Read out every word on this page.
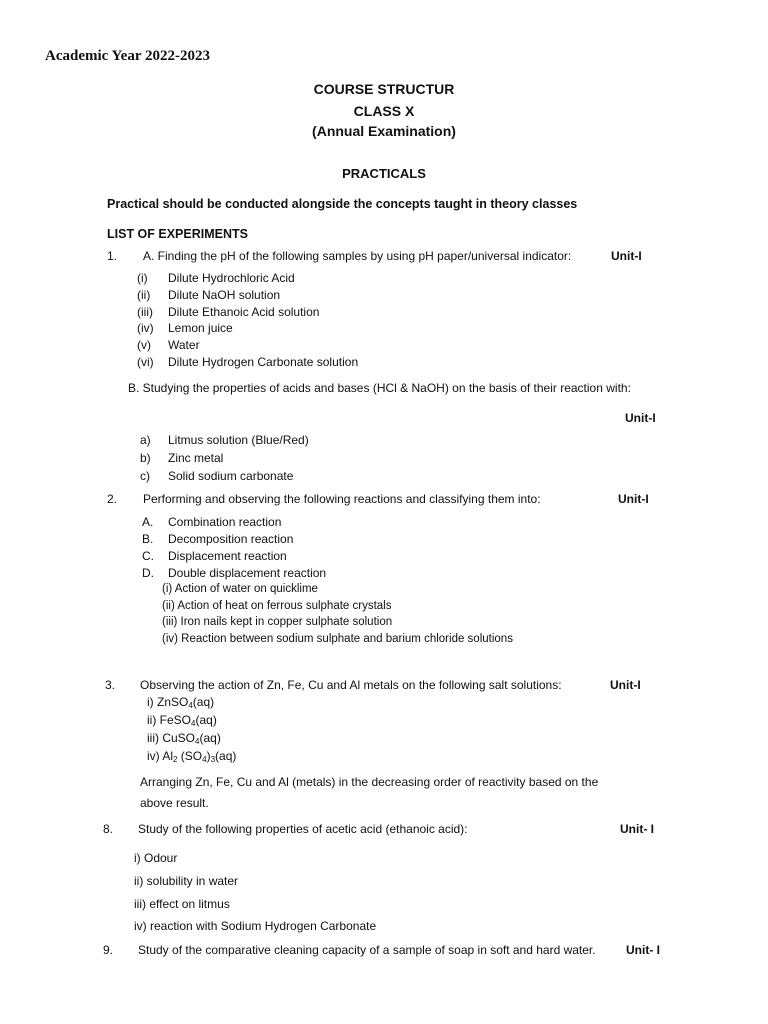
Academic Year 2022-2023
COURSE STRUCTUR
CLASS X
(Annual Examination)
PRACTICALS
Practical should be conducted alongside the concepts taught in theory classes
LIST OF EXPERIMENTS
1. A. Finding the pH of the following samples by using pH paper/universal indicator:	Unit-I
(i) Dilute Hydrochloric Acid
(ii) Dilute NaOH solution
(iii) Dilute Ethanoic Acid solution
(iv) Lemon juice
(v) Water
(vi) Dilute Hydrogen Carbonate solution
B. Studying the properties of acids and bases (HCl & NaOH) on the basis of their reaction with:
Unit-I
a) Litmus solution (Blue/Red)
b) Zinc metal
c) Solid sodium carbonate
2. Performing and observing the following reactions and classifying them into:	Unit-I
A. Combination reaction
B. Decomposition reaction
C. Displacement reaction
D. Double displacement reaction
(i) Action of water on quicklime
(ii) Action of heat on ferrous sulphate crystals
(iii) Iron nails kept in copper sulphate solution
(iv) Reaction between sodium sulphate and barium chloride solutions
3. Observing the action of Zn, Fe, Cu and Al metals on the following salt solutions:	Unit-I
i) ZnSO$_4$(aq)
ii) FeSO$_4$(aq)
iii) CuSO$_4$(aq)
iv) $Al_2$ $(SO_4)_3(aq)$
Arranging Zn, Fe, Cu and Al (metals) in the decreasing order of reactivity based on the
above result.
8. Study of the following properties of acetic acid (ethanoic acid):	Unit- I
i) Odour
ii) solubility in water
iii) effect on litmus
iv) reaction with Sodium Hydrogen Carbonate
9. Study of the comparative cleaning capacity of a sample of soap in soft and hard water.	Unit- I
